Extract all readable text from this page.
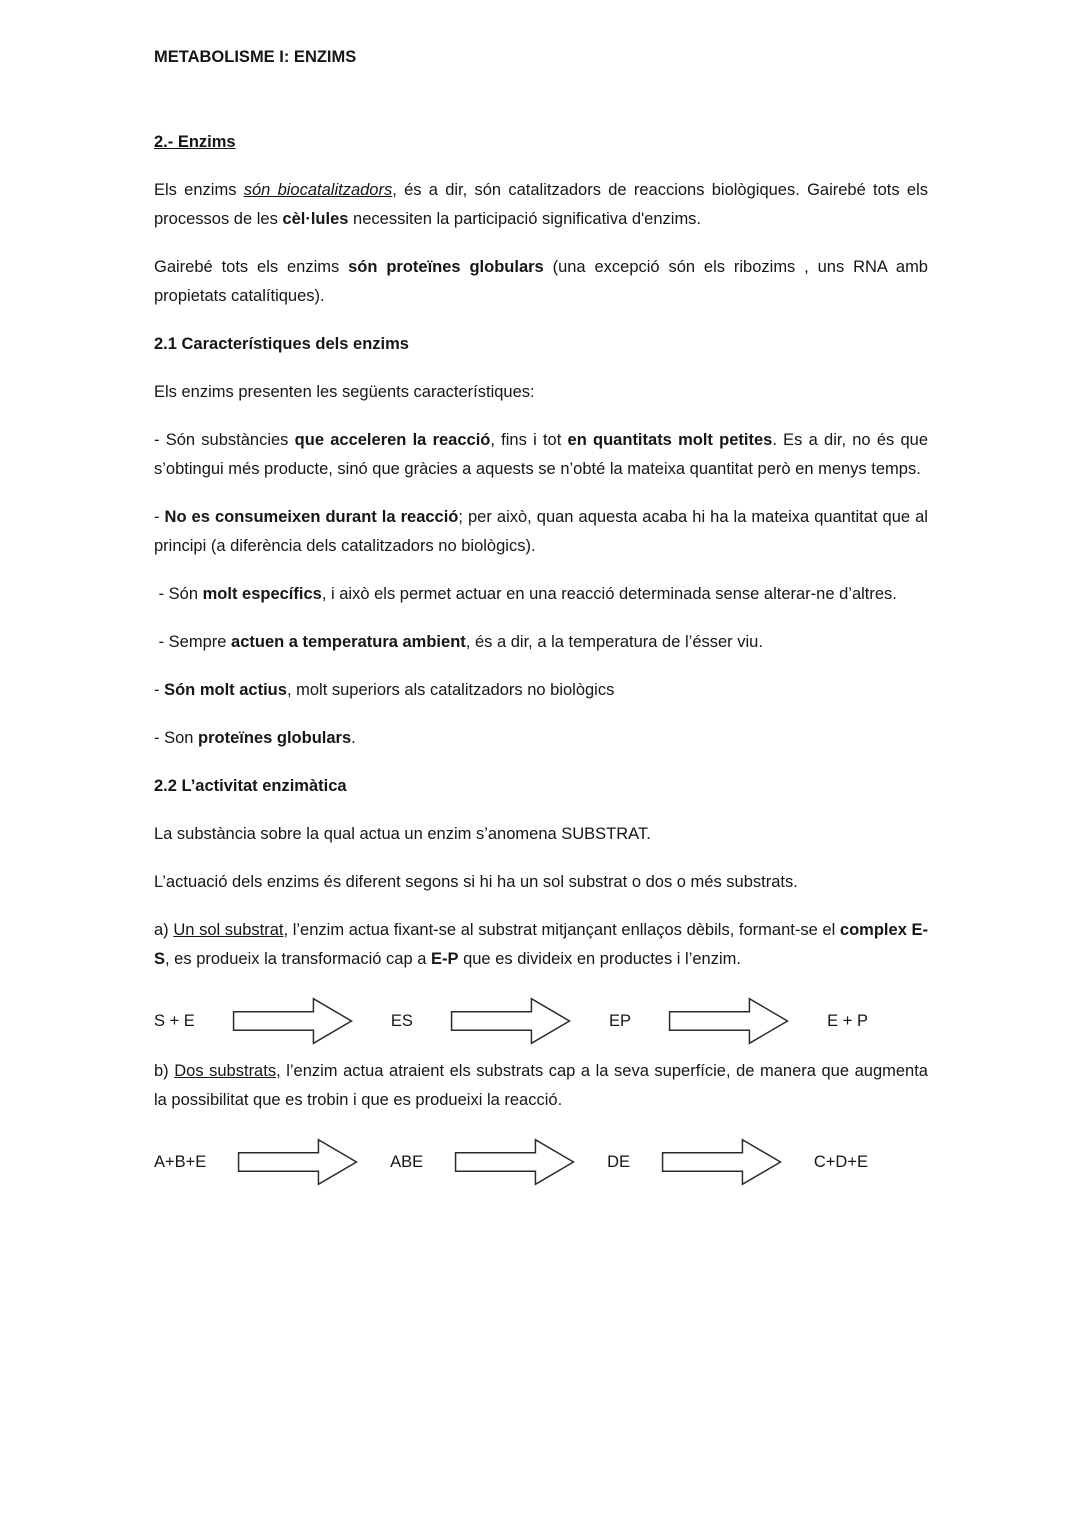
METABOLISME I: ENZIMS

2.- Enzims

Els enzims són biocatalitzadors, és a dir, són catalitzadors de reaccions biològiques. Gairebé tots els processos de les cèl·lules necessiten la participació significativa d'enzims.

Gairebé tots els enzims són proteïnes globulars (una excepció són els ribozims , uns RNA amb propietats catalítiques).

2.1 Característiques dels enzims

Els enzims presenten les següents característiques:

- Són substàncies que acceleren la reacció, fins i tot en quantitats molt petites. Es a dir, no és que s’obtingui més producte, sinó que gràcies a aquests se n’obté la mateixa quantitat però en menys temps.

- No es consumeixen durant la reacció; per això, quan aquesta acaba hi ha la mateixa quantitat que al principi (a diferència dels catalitzadors no biològics).

- Són molt específics, i això els permet actuar en una reacció determinada sense alterar-ne d’altres.

- Sempre actuen a temperatura ambient, és a dir, a la temperatura de l’ésser viu.

- Són molt actius, molt superiors als catalitzadors no biològics

- Son proteïnes globulars.

2.2 L’activitat enzimàtica

La substància sobre la qual actua un enzim s’anomena SUBSTRAT.

L’actuació dels enzims és diferent segons si hi ha un sol substrat o dos o més substrats.

a) Un sol substrat, l’enzim actua fixant-se al substrat mitjançant enllaços dèbils, formant-se el complex E-S, es produeix la transformació cap a E-P que es divideix en productes i l’enzim.

S + E	ES	EP	E + P

b) Dos substrats, l’enzim actua atraient els substrats cap a la seva superfície, de manera que augmenta la possibilitat que es trobin i que es produeixi la reacció.

A+B+E	ABE	DE	C+D+E
